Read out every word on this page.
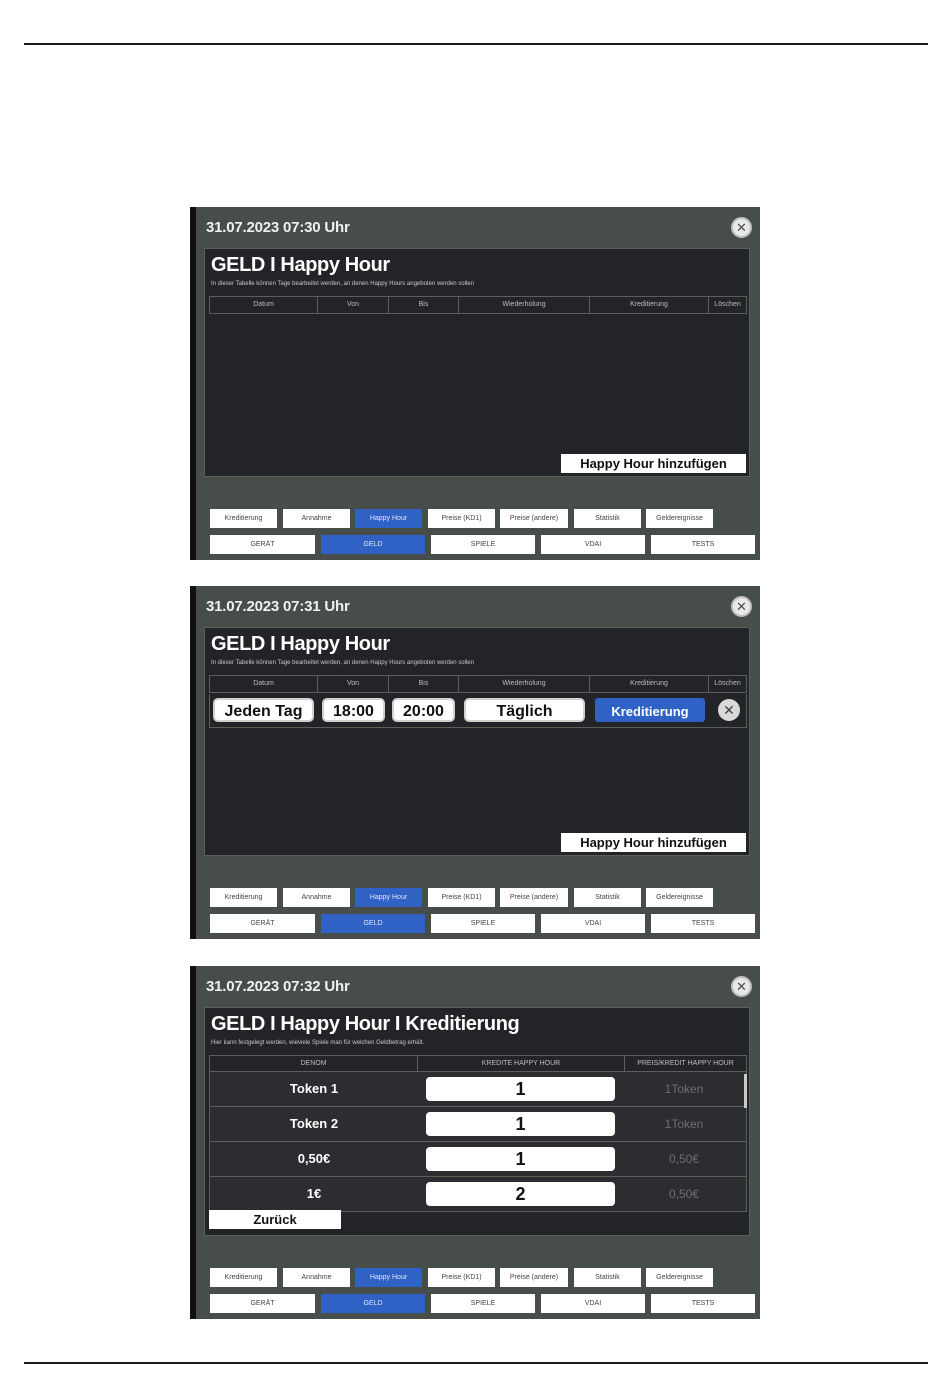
31.07.2023 07:30 Uhr	✕
GELD I Happy Hour
In dieser Tabelle können Tage bearbeitet werden, an denen Happy Hours angeboten werden sollen
Datum	Von	Bis	Wiederholung	Kreditierung	Löschen
Happy Hour hinzufügen
Kreditierung	Annahme	Happy Hour	Preise (KD1)	Preise (andere)	Statistik	Geldereignisse
GERÄT	GELD	SPIELE	VDAI	TESTS
31.07.2023 07:31 Uhr	✕
GELD I Happy Hour
In dieser Tabelle können Tage bearbeitet werden, an denen Happy Hours angeboten werden sollen
Datum	Von	Bis	Wiederholung	Kreditierung	Löschen
Jeden Tag	18:00	20:00	Täglich	Kreditierung	✕
Happy Hour hinzufügen
Kreditierung	Annahme	Happy Hour	Preise (KD1)	Preise (andere)	Statistik	Geldereignisse
GERÄT	GELD	SPIELE	VDAI	TESTS
31.07.2023 07:32 Uhr	✕
GELD I Happy Hour I Kreditierung
Hier kann festgelegt werden, wieviele Spiele man für welchen Geldbetrag erhält.
DENOM	KREDITE HAPPY HOUR	PREIS/KREDIT HAPPY HOUR
Token 1	1	1Token
Token 2	1	1Token
0,50€	1	0,50€
1€	2	0,50€
Zurück
Kreditierung	Annahme	Happy Hour	Preise (KD1)	Preise (andere)	Statistik	Geldereignisse
GERÄT	GELD	SPIELE	VDAI	TESTS
